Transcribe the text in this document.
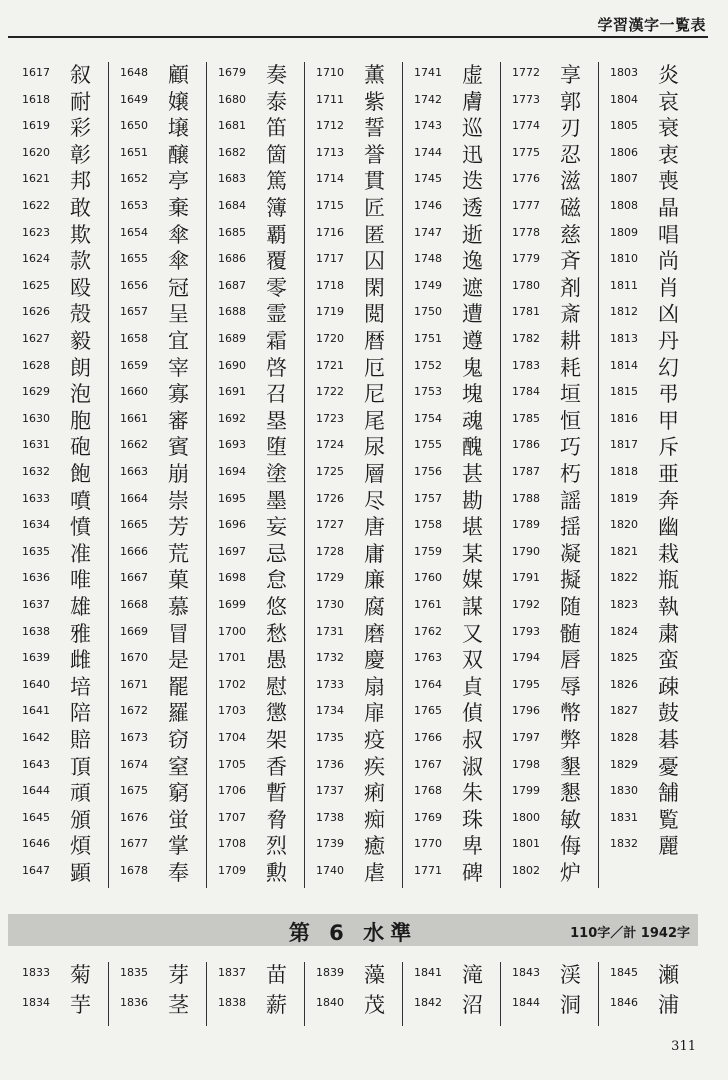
学習漢字一覧表
1617 叙
1618 耐
1619 彩
1620 彰
1621 邦
1622 敢
1623 欺
1624 款
1625 殴
1626 殻
1627 毅
1628 朗
1629 泡
1630 胞
1631 砲
1632 飽
1633 噴
1634 憤
1635 准
1636 唯
1637 雄
1638 雅
1639 雌
1640 培
1641 陪
1642 賠
1643 頂
1644 頑
1645 頒
1646 煩
1647 顕
1648 顧
1649 嬢
1650 壌
1651 醸
1652 亭
1653 棄
1654 傘
1655 傘
1656 冠
1657 呈
1658 宜
1659 宰
1660 寡
1661 審
1662 賓
1663 崩
1664 崇
1665 芳
1666 荒
1667 菓
1668 慕
1669 冒
1670 是
1671 罷
1672 羅
1673 窃
1674 窒
1675 窮
1676 蛍
1677 掌
1678 奉
1679 奏
1680 泰
1681 笛
1682 箇
1683 篤
1684 簿
1685 覇
1686 覆
1687 零
1688 霊
1689 霜
1690 啓
1691 召
1692 塁
1693 堕
1694 塗
1695 墨
1696 妄
1697 忌
1698 怠
1699 悠
1700 愁
1701 愚
1702 慰
1703 懲
1704 架
1705 香
1706 暫
1707 脅
1708 烈
1709 勲
1710 薫
1711 紫
1712 誓
1713 誉
1714 貫
1715 匠
1716 匿
1717 囚
1718 閑
1719 閲
1720 暦
1721 厄
1722 尼
1723 尾
1724 尿
1725 層
1726 尽
1727 唐
1728 庸
1729 廉
1730 腐
1731 磨
1732 慶
1733 扇
1734 扉
1735 疫
1736 疾
1737 痢
1738 痴
1739 癒
1740 虐
1741 虚
1742 膚
1743 巡
1744 迅
1745 迭
1746 透
1747 逝
1748 逸
1749 遮
1750 遭
1751 遵
1752 鬼
1753 塊
1754 魂
1755 醜
1756 甚
1757 勘
1758 堪
1759 某
1760 媒
1761 謀
1762 又
1763 双
1764 貞
1765 偵
1766 叔
1767 淑
1768 朱
1769 珠
1770 卑
1771 碑
1772 享
1773 郭
1774 刃
1775 忍
1776 滋
1777 磁
1778 慈
1779 斉
1780 剤
1781 斎
1782 耕
1783 耗
1784 垣
1785 恒
1786 巧
1787 朽
1788 謡
1789 揺
1790 凝
1791 擬
1792 随
1793 髄
1794 唇
1795 辱
1796 幣
1797 弊
1798 墾
1799 懇
1800 敏
1801 侮
1802 炉
1803 炎
1804 哀
1805 衰
1806 衷
1807 喪
1808 晶
1809 唱
1810 尚
1811 肖
1812 凶
1813 丹
1814 幻
1815 弔
1816 甲
1817 斥
1818 亜
1819 奔
1820 幽
1821 栽
1822 瓶
1823 執
1824 粛
1825 蛮
1826 疎
1827 鼓
1828 碁
1829 憂
1830 舗
1831 覧
1832 麗
第 6 水準	110字／計 1942字
1833 菊
1834 芋
1835 芽
1836 茎
1837 苗
1838 薪
1839 藻
1840 茂
1841 滝
1842 沼
1843 渓
1844 洞
1845 瀬
1846 浦
311
